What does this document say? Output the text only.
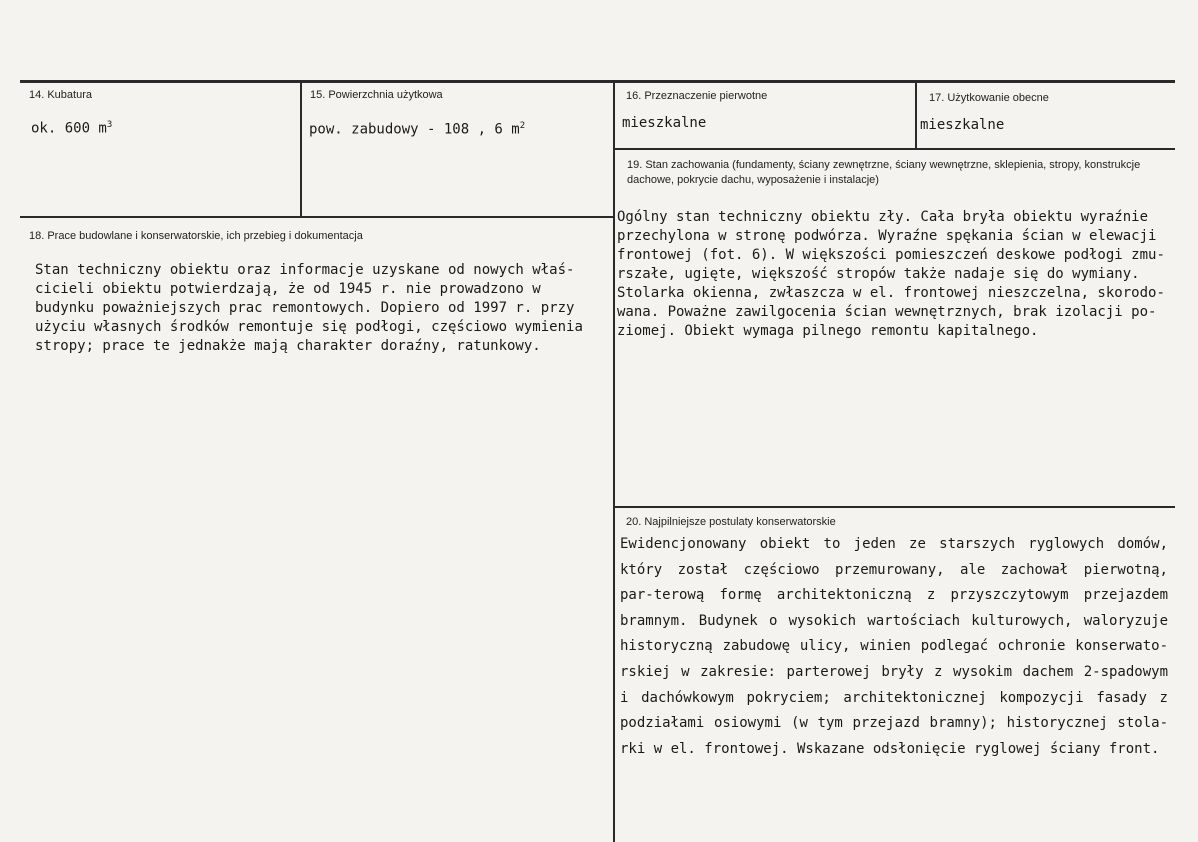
14. Kubatura
ok. 600 $m^3$
15. Powierzchnia użytkowa
pow. zabudowy - 108 , 6 $m^2$
16. Przeznaczenie pierwotne
mieszkalne
17. Użytkowanie obecne
mieszkalne
19. Stan zachowania (fundamenty, ściany zewnętrzne, ściany wewnętrzne, sklepienia, stropy, konstrukcje dachowe, pokrycie dachu, wyposażenie i instalacje)
Ogólny stan techniczny obiektu zły. Cała bryła obiektu wyraźnie
przechylona w stronę podwórza. Wyraźne spękania ścian w elewacji
frontowej (fot. 6). W większości pomieszczeń deskowe podłogi zmu-
rszałe, ugięte, większość stropów także nadaje się do wymiany.
Stolarka okienna, zwłaszcza w el. frontowej nieszczelna, skorodo-
wana. Poważne zawilgocenia ścian wewnętrznych, brak izolacji po-
ziomej. Obiekt wymaga pilnego remontu kapitalnego.
18. Prace budowlane i konserwatorskie, ich przebieg i dokumentacja
Stan techniczny obiektu oraz informacje uzyskane od nowych właś-
cicieli obiektu potwierdzają, że od 1945 r. nie prowadzono w
budynku poważniejszych prac remontowych. Dopiero od 1997 r. przy
użyciu własnych środków remontuje się podłogi, częściowo wymienia
stropy; prace te jednakże mają charakter doraźny, ratunkowy.
20. Najpilniejsze postulaty konserwatorskie
Ewidencjonowany obiekt to jeden ze starszych ryglowych domów,
który został częściowo przemurowany, ale zachował pierwotną,
par-terową formę architektoniczną z przyszczytowym przejazdem
bramnym. Budynek o wysokich wartościach kulturowych, waloryzuje
historyczną zabudowę ulicy, winien podlegać ochronie konserwato-
rskiej w zakresie: parterowej bryły z wysokim dachem 2-spadowym
i dachówkowym pokryciem; architektonicznej kompozycji fasady z
podziałami osiowymi (w tym przejazd bramny); historycznej stola-
rki w el. frontowej. Wskazane odsłonięcie ryglowej ściany front.
